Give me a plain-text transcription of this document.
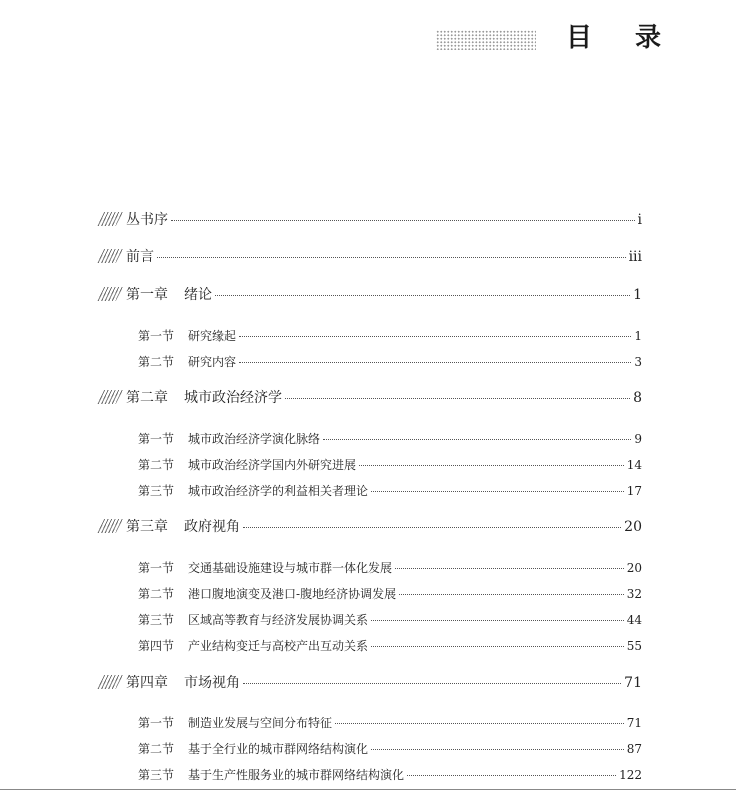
目 录
丛书序	i
前言	iii
第一章 绪论	1
第一节 研究缘起	1
第二节 研究内容	3
第二章 城市政治经济学	8
第一节 城市政治经济学演化脉络	9
第二节 城市政治经济学国内外研究进展	14
第三节 城市政治经济学的利益相关者理论	17
第三章 政府视角	20
第一节 交通基础设施建设与城市群一体化发展	20
第二节 港口腹地演变及港口-腹地经济协调发展	32
第三节 区域高等教育与经济发展协调关系	44
第四节 产业结构变迁与高校产出互动关系	55
第四章 市场视角	71
第一节 制造业发展与空间分布特征	71
第二节 基于全行业的城市群网络结构演化	87
第三节 基于生产性服务业的城市群网络结构演化	122
